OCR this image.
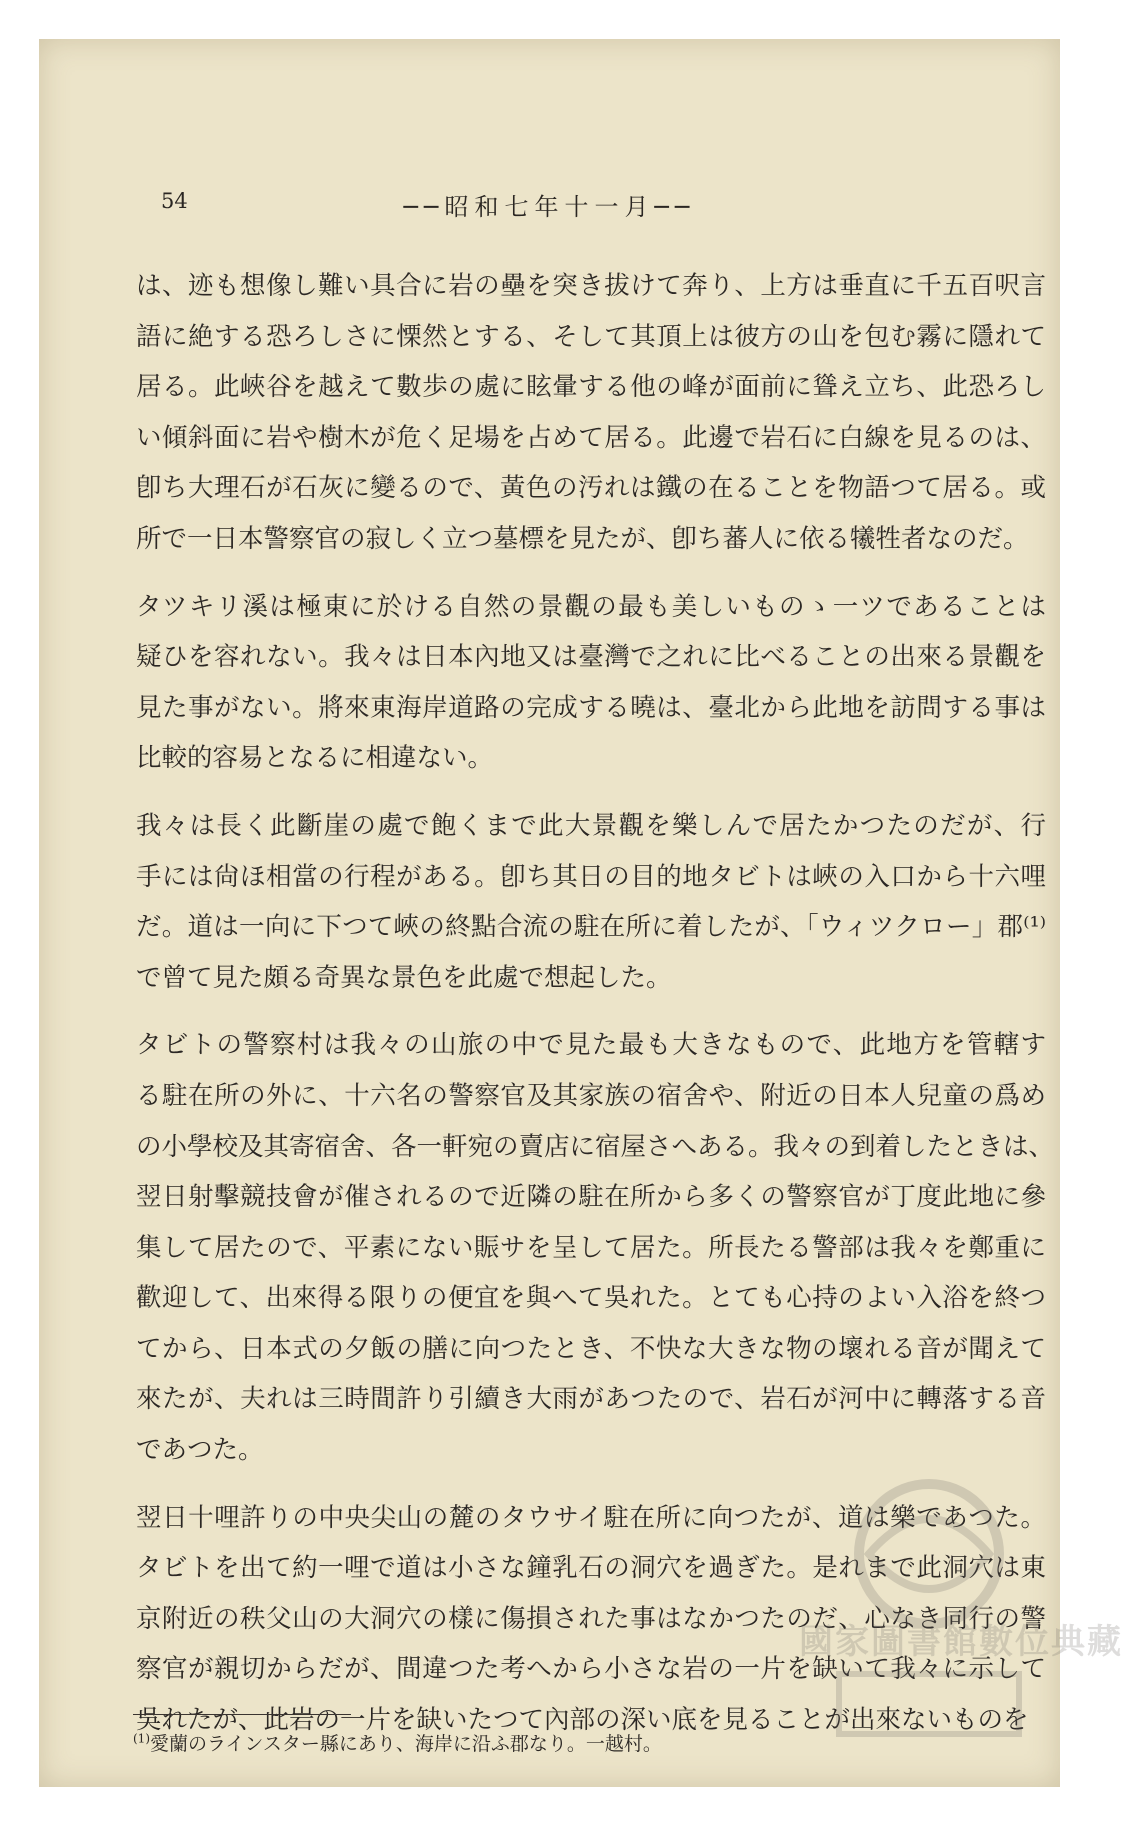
54	──昭和七年十一月──
は、迹も想像し難い具合に岩の壘を突き拔けて奔り、上方は垂直に千五百呎言
語に絶する恐ろしさに慄然とする、そして其頂上は彼方の山を包む霧に隱れて
居る。此峽谷を越えて數歩の處に眩暈する他の峰が面前に聳え立ち、此恐ろし
い傾斜面に岩や樹木が危く足場を占めて居る。此邊で岩石に白線を見るのは、
卽ち大理石が石灰に變るので、黃色の汚れは鐵の在ることを物語つて居る。或
所で一日本警察官の寂しく立つ墓標を見たが、卽ち蕃人に依る犧牲者なのだ。
タツキリ溪は極東に於ける自然の景觀の最も美しいものゝ一ツであることは
疑ひを容れない。我々は日本內地又は臺灣で之れに比べることの出來る景觀を
見た事がない。將來東海岸道路の完成する曉は、臺北から此地を訪問する事は
比較的容易となるに相違ない。
我々は長く此斷崖の處で飽くまで此大景觀を樂しんで居たかつたのだが、行
手には尙ほ相當の行程がある。卽ち其日の目的地タビトは峽の入口から十六哩
だ。道は一向に下つて峽の終點合流の駐在所に着したが、「ウィツクロー」郡⁽¹⁾
で曾て見た頗る奇異な景色を此處で想起した。
タビトの警察村は我々の山旅の中で見た最も大きなもので、此地方を管轄す
る駐在所の外に、十六名の警察官及其家族の宿舍や、附近の日本人兒童の爲め
の小學校及其寄宿舍、各一軒宛の賣店に宿屋さへある。我々の到着したときは、
翌日射擊競技會が催されるので近隣の駐在所から多くの警察官が丁度此地に參
集して居たので、平素にない賑サを呈して居た。所長たる警部は我々を鄭重に
歡迎して、出來得る限りの便宜を與へて吳れた。とても心持のよい入浴を終つ
てから、日本式の夕飯の膳に向つたとき、不快な大きな物の壞れる音が聞えて
來たが、夫れは三時間許り引續き大雨があつたので、岩石が河中に轉落する音
であつた。
翌日十哩許りの中央尖山の麓のタウサイ駐在所に向つたが、道は樂であつた。
タビトを出て約一哩で道は小さな鐘乳石の洞穴を過ぎた。是れまで此洞穴は東
京附近の秩父山の大洞穴の樣に傷損された事はなかつたのだ、心なき同行の警
察官が親切からだが、間違つた考へから小さな岩の一片を缺いて我々に示して
吳れたが、此岩の一片を缺いたつて內部の深い底を見ることが出來ないものを
$^{(1)}$愛蘭のラインスター縣にあり、海岸に沿ふ郡なり。一越村。
國家圖書館數位典藏
